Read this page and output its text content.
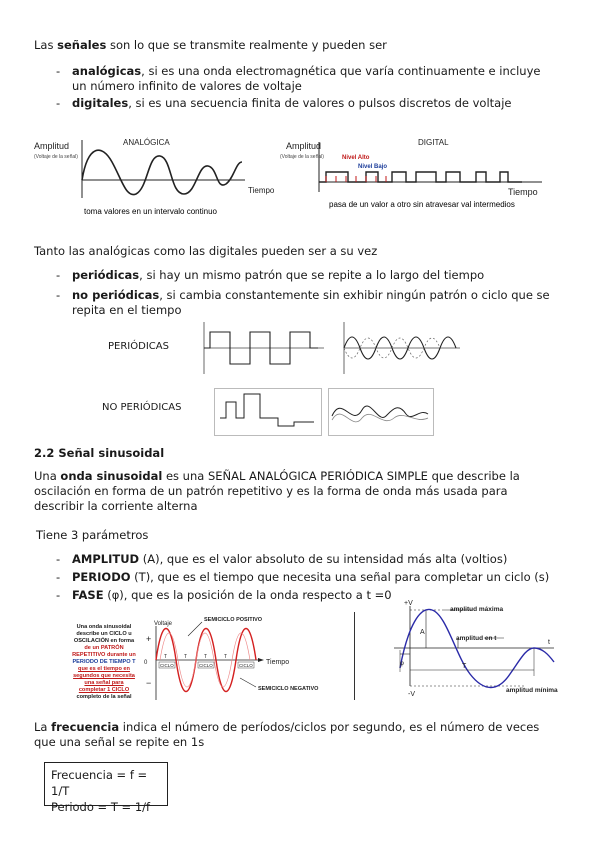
Las señales son lo que se transmite realmente y pueden ser
- analógicas, si es una onda electromagnética que varía continuamente e incluye
un número infinito de valores de voltaje
- digitales, si es una secuencia finita de valores o pulsos discretos de voltaje
Amplitud
(Voltaje de la señal)
ANALÓGICA
Tiempo
toma valores en un intervalo continuo
Amplitud
(Voltaje de la señal)
DIGITAL
Nivel Alto
Nivel Bajo
Tiempo
pasa de un valor a otro sin atravesar val intermedios
Tanto las analógicas como las digitales pueden ser a su vez
- periódicas, si hay un mismo patrón que se repite a lo largo del tiempo
- no periódicas, si cambia constantemente sin exhibir ningún patrón o ciclo que se
repita en el tiempo
PERIÓDICAS
NO PERIÓDICAS
2.2 Señal sinusoidal
Una onda sinusoidal es una SEÑAL ANALÓGICA PERIÓDICA SIMPLE que describe la
oscilación en forma de un patrón repetitivo y es la forma de onda más usada para
describir la corriente alterna
Tiene 3 parámetros
- AMPLITUD (A), que es el valor absoluto de su intensidad más alta (voltios)
- PERIODO (T), que es el tiempo que necesita una señal para completar un ciclo (s)
- FASE (φ), que es la posición de la onda respecto a t =0
Una onda sinusoidal
describe un CICLO u
OSCILACIÓN en forma
de un PATRÓN
REPETITIVO durante un
PERIODO DE TIEMPO T
que es el tiempo en
segundos que necesita
una señal para
completar 1 CICLO
completo de la señal
Voltaje
+
−
0
SEMICICLO POSITIVO
SEMICICLO NEGATIVO
Tiempo
T	T	T	T
CICLO	CICLO	CICLO
+V
-V
amplitud máxima
amplitud en t
amplitud mínima
t
A
φ	T
La frecuencia indica el número de períodos/ciclos por segundo, es el número de veces
que una señal se repite en 1s
Frecuencia = f = 1/T
Periodo = T = 1/f
